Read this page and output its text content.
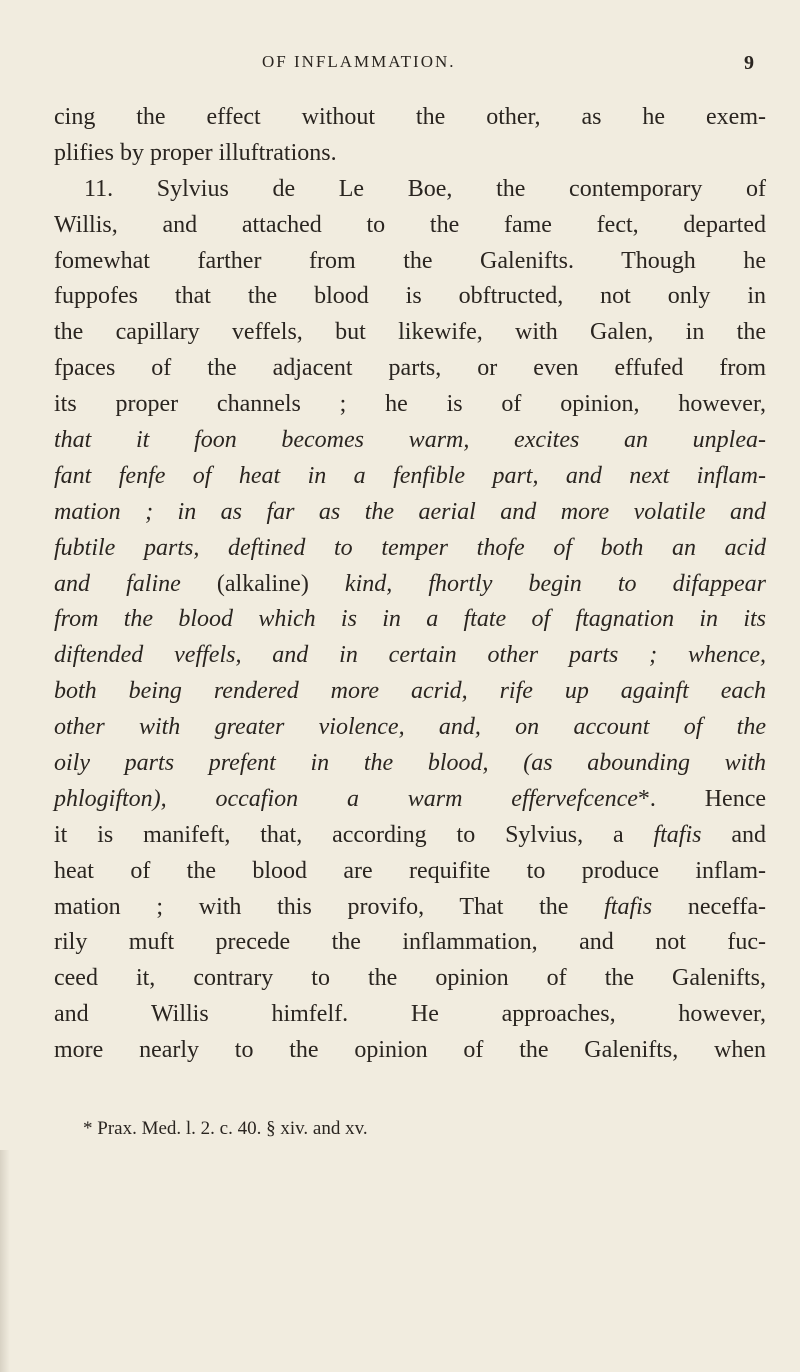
OF INFLAMMATION.	9
cing the effect without the other, as he exem-
plifies by proper illuftrations.
11. Sylvius de Le Boe, the contemporary of
Willis, and attached to the fame fect, departed
fomewhat farther from the Galenifts. Though he
fuppofes that the blood is obftructed, not only in
the capillary veffels, but likewife, with Galen, in the
fpaces of the adjacent parts, or even effufed from
its proper channels ; he is of opinion, however,
that it foon becomes warm, excites an unplea-
fant fenfe of heat in a fenfible part, and next inflam-
mation ; in as far as the aerial and more volatile and
fubtile parts, deftined to temper thofe of both an acid
and faline (alkaline) kind, fhortly begin to difappear
from the blood which is in a ftate of ftagnation in its
diftended veffels, and in certain other parts ; whence,
both being rendered more acrid, rife up againft each
other with greater violence, and, on account of the
oily parts prefent in the blood, (as abounding with
phlogifton), occafion a warm effervefcence*. Hence
it is manifeft, that, according to Sylvius, a ftafis and
heat of the blood are requifite to produce inflam-
mation ; with this provifo, That the ftafis neceffa-
rily muft precede the inflammation, and not fuc-
ceed it, contrary to the opinion of the Galenifts,
and Willis himfelf. He approaches, however,
more nearly to the opinion of the Galenifts, when
* Prax. Med. l. 2. c. 40. § xiv. and xv.
